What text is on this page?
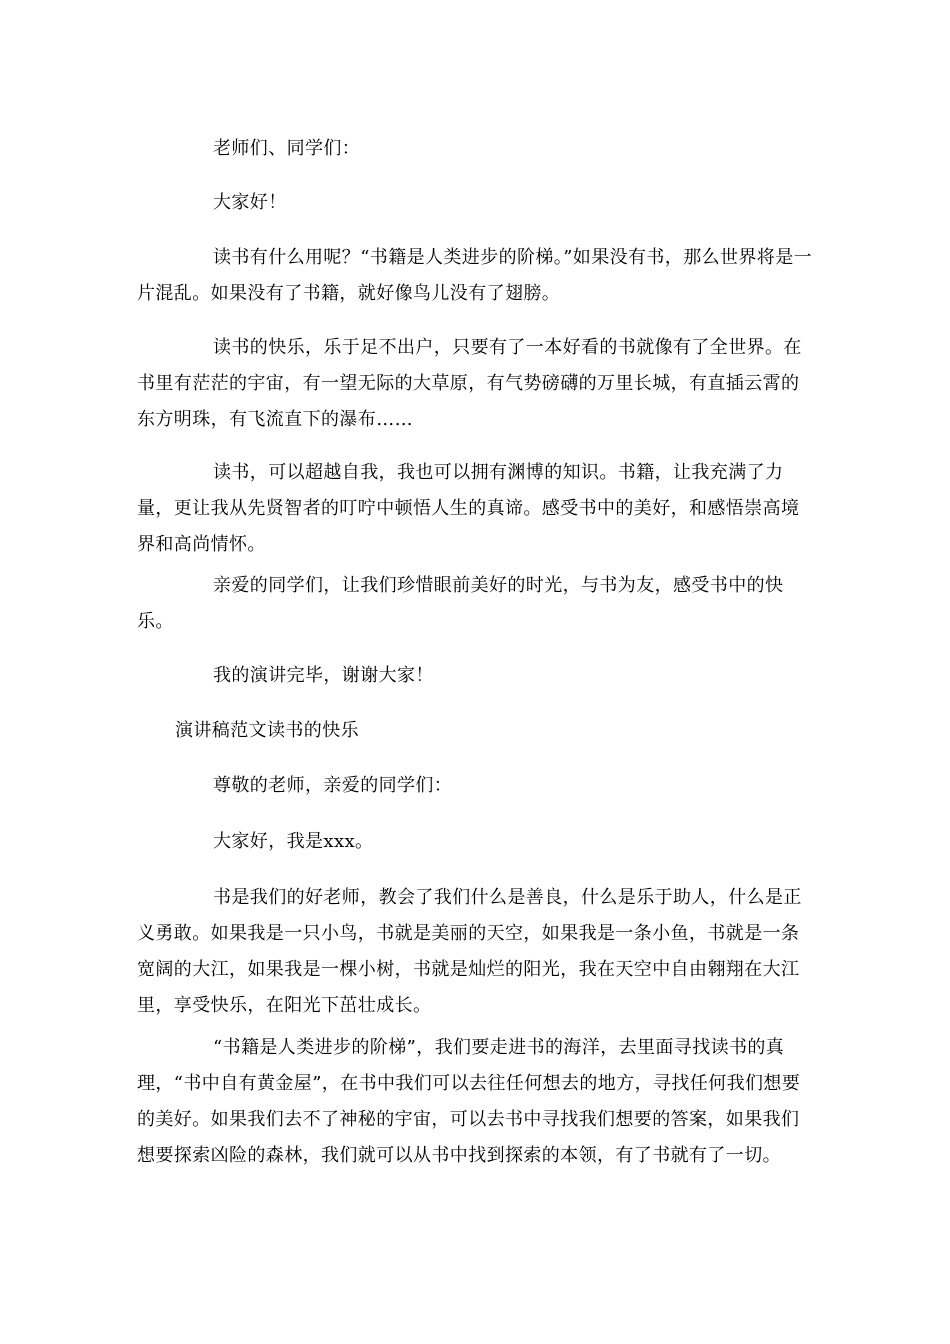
老师们、同学们：

大家好！

读书有什么用呢？“书籍是人类进步的阶梯。”如果没有书，那么世界将是一片混乱。如果没有了书籍，就好像鸟儿没有了翅膀。

读书的快乐，乐于足不出户，只要有了一本好看的书就像有了全世界。在书里有茫茫的宇宙，有一望无际的大草原，有气势磅礴的万里长城，有直插云霄的东方明珠，有飞流直下的瀑布……

读书，可以超越自我，我也可以拥有渊博的知识。书籍，让我充满了力量，更让我从先贤智者的叮咛中顿悟人生的真谛。感受书中的美好，和感悟崇高境界和高尚情怀。

亲爱的同学们，让我们珍惜眼前美好的时光，与书为友，感受书中的快乐。

我的演讲完毕，谢谢大家！

演讲稿范文读书的快乐

尊敬的老师，亲爱的同学们：

大家好，我是xxx。

书是我们的好老师，教会了我们什么是善良，什么是乐于助人，什么是正义勇敢。如果我是一只小鸟，书就是美丽的天空，如果我是一条小鱼，书就是一条宽阔的大江，如果我是一棵小树，书就是灿烂的阳光，我在天空中自由翱翔在大江里，享受快乐，在阳光下茁壮成长。

“书籍是人类进步的阶梯”，我们要走进书的海洋，去里面寻找读书的真理，“书中自有黄金屋”，在书中我们可以去往任何想去的地方，寻找任何我们想要的美好。如果我们去不了神秘的宇宙，可以去书中寻找我们想要的答案，如果我们想要探索凶险的森林，我们就可以从书中找到探索的本领，有了书就有了一切。
